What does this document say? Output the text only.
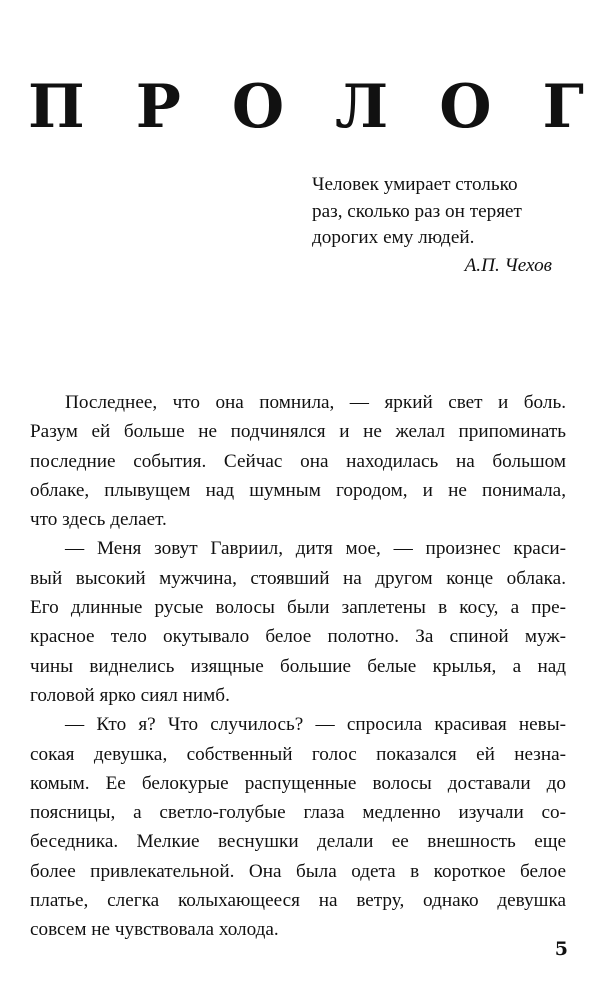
П Р О Л О Г
Человек умирает столько
раз, сколько раз он теряет
дорогих ему людей.
А.П. Чехов
Последнее, что она помнила, — яркий свет и боль.
Разум ей больше не подчинялся и не желал припоминать
последние события. Сейчас она находилась на большом
облаке, плывущем над шумным городом, и не понимала,
что здесь делает.
— Меня зовут Гавриил, дитя мое, — произнес краси-
вый высокий мужчина, стоявший на другом конце облака.
Его длинные русые волосы были заплетены в косу, а пре-
красное тело окутывало белое полотно. За спиной муж-
чины виднелись изящные большие белые крылья, а над
головой ярко сиял нимб.
— Кто я? Что случилось? — спросила красивая невы-
сокая девушка, собственный голос показался ей незна-
комым. Ее белокурые распущенные волосы доставали до
поясницы, а светло-голубые глаза медленно изучали со-
беседника. Мелкие веснушки делали ее внешность еще
более привлекательной. Она была одета в короткое белое
платье, слегка колыхающееся на ветру, однако девушка
совсем не чувствовала холода.
5
